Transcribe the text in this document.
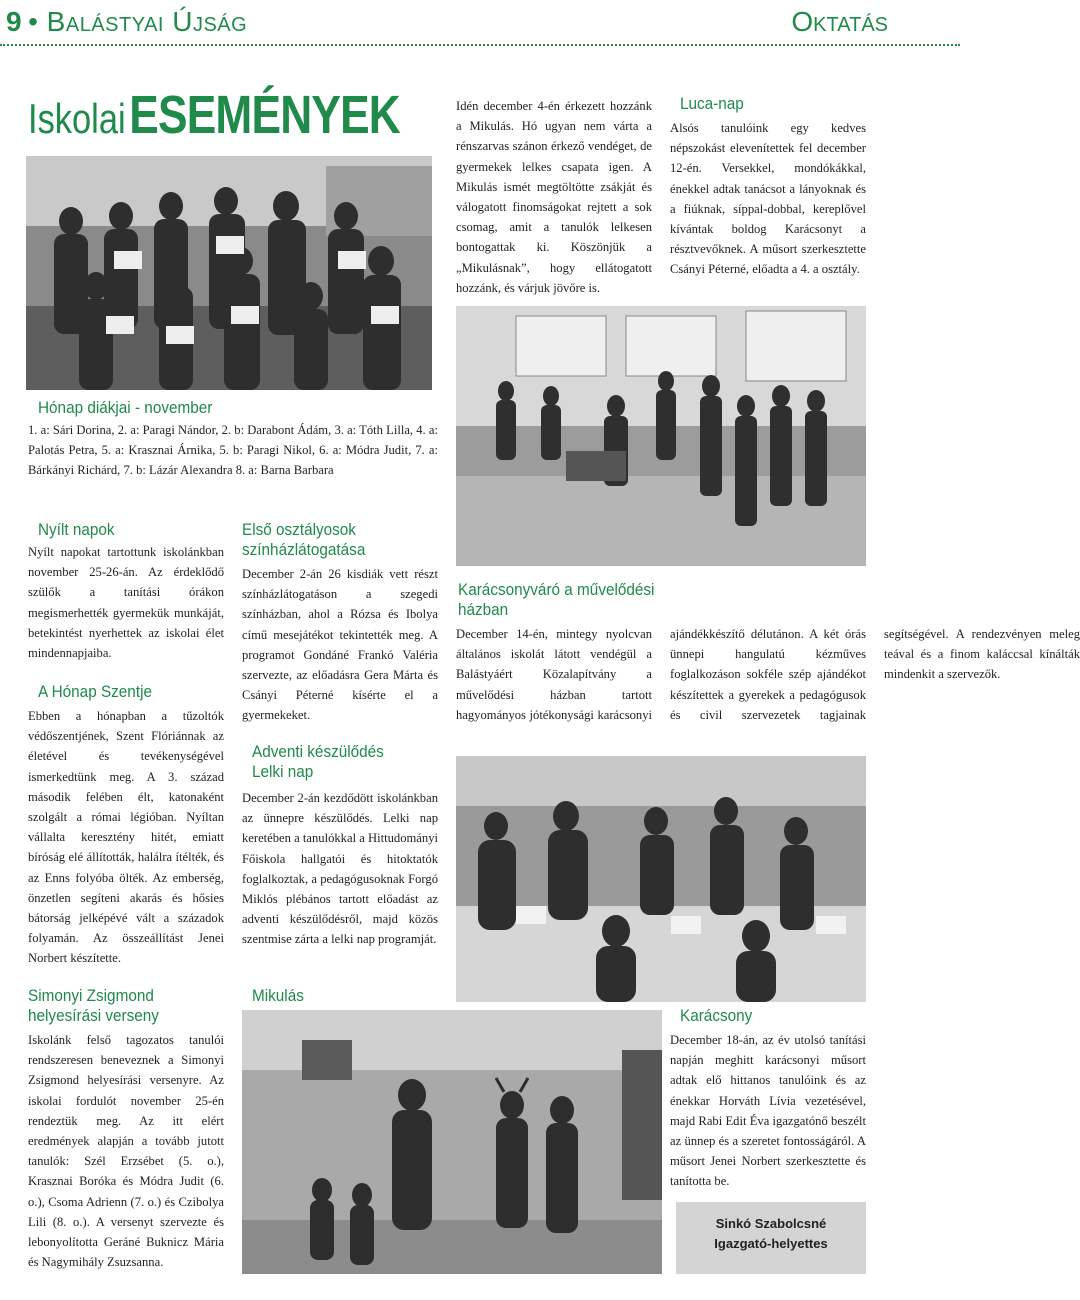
9 • Balástyai Újság	Oktatás
Iskolai ESEMÉNYEK	Idén december 4-én érkezett hozzánk a Mikulás. Hó ugyan nem várta a rénszarvas szánon érkező vendéget, de gyermekek lelkes csapata igen. A Mikulás ismét megtöltötte zsákját és válogatott finomságokat rejtett a sok csomag, amit a tanulók lelkesen bontogattak ki. Köszönjük a „Mikulásnak”, hogy ellátogatott hozzánk, és várjuk jövőre is.
Luca-nap
Alsós tanulóink egy kedves népszokást elevenítettek fel december 12-én. Versekkel, mondókákkal, énekkel adtak tanácsot a lányoknak és a fiúknak, síppal-dobbal, kereplővel kívántak boldog Karácsonyt a résztvevőknek. A műsort szerkesztette Csányi Péterné, előadta a 4. a osztály.
Hónap diákjai - november
1. a: Sári Dorina, 2. a: Paragi Nándor, 2. b: Darabont Ádám, 3. a: Tóth Lilla, 4. a: Palotás Petra, 5. a: Krasznai Árnika, 5. b: Paragi Nikol, 6. a: Módra Judit, 7. a: Bárkányi Richárd, 7. b: Lázár Alexandra 8. a: Barna Barbara
Nyílt napok
Nyílt napokat tartottunk iskolánkban november 25-26-án. Az érdeklődő szülők a tanítási órákon megismerhették gyermekük munkáját, betekintést nyerhettek az iskolai élet mindennapjaiba.
A Hónap Szentje
Ebben a hónapban a tűzoltók védőszentjének, Szent Flóriánnak az életével és tevékenységével ismerkedtünk meg. A 3. század második felében élt, katonaként szolgált a római légióban. Nyíltan vállalta keresztény hitét, emiatt bíróság elé állították, halálra ítélték, és az Enns folyóba ölték. Az emberség, önzetlen segíteni akarás és hősies bátorság jelképévé vált a századok folyamán. Az összeállítást Jenei Norbert készítette.
Simonyi Zsigmond helyesírási verseny
Iskolánk felső tagozatos tanulói rendszeresen beneveznek a Simonyi Zsigmond helyesírási versenyre. Az iskolai fordulót november 25-én rendeztük meg. Az itt elért eredmények alapján a tovább jutott tanulók: Szél Erzsébet (5. o.), Krasznai Boróka és Módra Judit (6. o.), Csoma Adrienn (7. o.) és Czibolya Lili (8. o.). A versenyt szervezte és lebonyolította Geráné Buknicz Mária és Nagymihály Zsuzsanna.
Első osztályosok színházlátogatása
December 2-án 26 kisdiák vett részt színházlátogatáson a szegedi színházban, ahol a Rózsa és Ibolya című mesejátékot tekintették meg. A programot Gondáné Frankó Valéria szervezte, az előadásra Gera Márta és Csányi Péterné kísérte el a gyermekeket.
Adventi készülődés Lelki nap
December 2-án kezdődött iskolánkban az ünnepre készülődés. Lelki nap keretében a tanulókkal a Hittudományi Főiskola hallgatói és hitoktatók foglalkoztak, a pedagógusoknak Forgó Miklós plébános tartott előadást az adventi készülődésről, majd közös szentmise zárta a lelki nap programját.
Mikulás
Karácsonyváró a művelődési házban
December 14-én, mintegy nyolcvan általános iskolát látott vendégül a Balástyáért Közalapítvány a művelődési házban tartott hagyományos jótékonysági karácsonyi ajándékkészítő délutánon. A két órás ünnepi hangulatú kézműves foglalkozáson sokféle szép ajándékot készítettek a gyerekek a pedagógusok és civil szervezetek tagjainak segítségével. A rendezvényen meleg teával és a finom kaláccsal kínálták mindenkit a szervezők.
Karácsony
December 18-án, az év utolsó tanítási napján meghitt karácsonyi műsort adtak elő hittanos tanulóink és az énekkar Horváth Lívia vezetésével, majd Rabi Edit Éva igazgatónő beszélt az ünnep és a szeretet fontosságáról. A műsort Jenei Norbert szerkesztette és tanította be.
Sinkó Szabolcsné
Igazgató-helyettes
